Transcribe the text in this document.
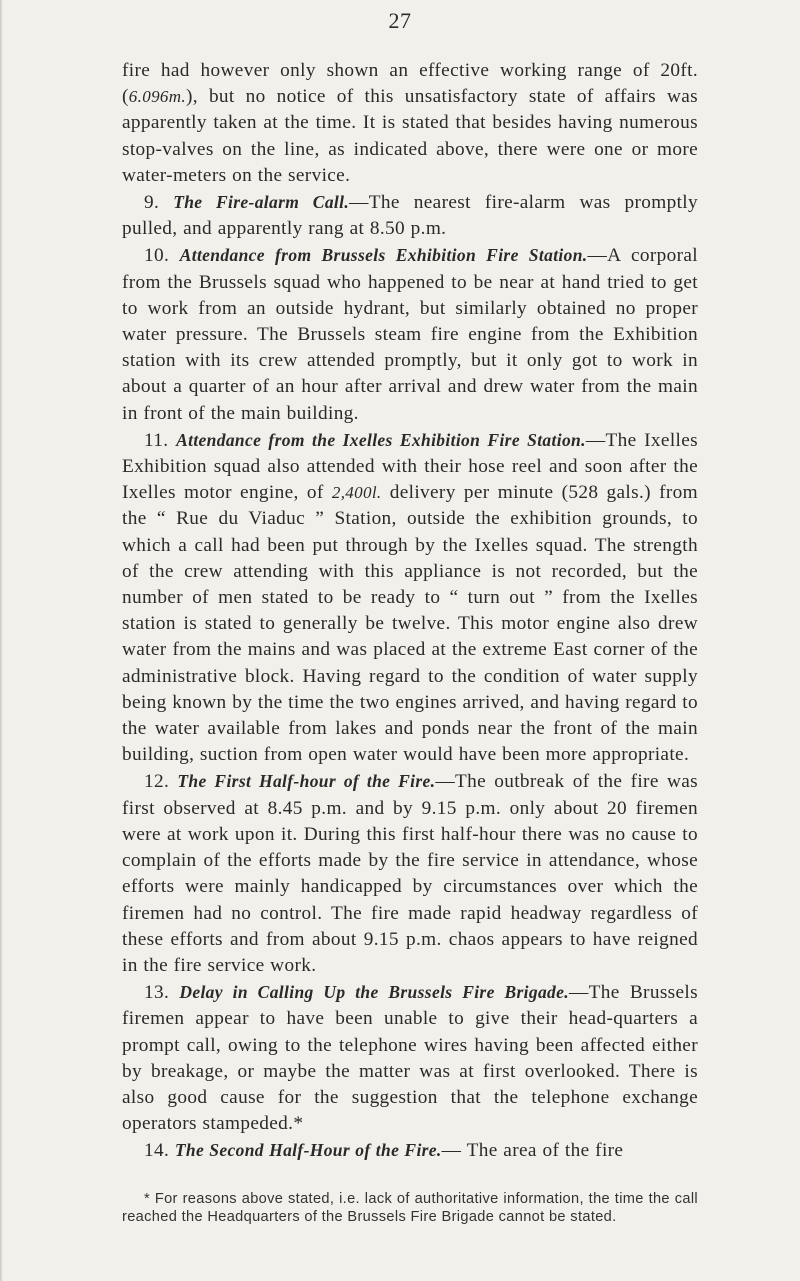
27

fire had however only shown an effective working range of 20ft. (6.096m.), but no notice of this unsatisfactory state of affairs was apparently taken at the time. It is stated that besides having numerous stop-valves on the line, as indicated above, there were one or more water-meters on the service.

9. The Fire-alarm Call.—The nearest fire-alarm was promptly pulled, and apparently rang at 8.50 p.m.

10. Attendance from Brussels Exhibition Fire Station.—A corporal from the Brussels squad who happened to be near at hand tried to get to work from an outside hydrant, but similarly obtained no proper water pressure. The Brussels steam fire engine from the Exhibition station with its crew attended promptly, but it only got to work in about a quarter of an hour after arrival and drew water from the main in front of the main building.

11. Attendance from the Ixelles Exhibition Fire Station.—The Ixelles Exhibition squad also attended with their hose reel and soon after the Ixelles motor engine, of 2,400l. delivery per minute (528 gals.) from the “ Rue du Viaduc ” Station, outside the exhibition grounds, to which a call had been put through by the Ixelles squad. The strength of the crew attending with this appliance is not recorded, but the number of men stated to be ready to “ turn out ” from the Ixelles station is stated to generally be twelve. This motor engine also drew water from the mains and was placed at the extreme East corner of the administrative block. Having regard to the condition of water supply being known by the time the two engines arrived, and having regard to the water available from lakes and ponds near the front of the main building, suction from open water would have been more appropriate.

12. The First Half-hour of the Fire.—The outbreak of the fire was first observed at 8.45 p.m. and by 9.15 p.m. only about 20 firemen were at work upon it. During this first half-hour there was no cause to complain of the efforts made by the fire service in attendance, whose efforts were mainly handicapped by circumstances over which the firemen had no control. The fire made rapid headway regardless of these efforts and from about 9.15 p.m. chaos appears to have reigned in the fire service work.

13. Delay in Calling Up the Brussels Fire Brigade.—The Brussels firemen appear to have been unable to give their head-quarters a prompt call, owing to the telephone wires having been affected either by breakage, or maybe the matter was at first overlooked. There is also good cause for the suggestion that the telephone exchange operators stampeded.*

14. The Second Half-Hour of the Fire.— The area of the fire

* For reasons above stated, i.e. lack of authoritative information, the time the call reached the Headquarters of the Brussels Fire Brigade cannot be stated.
